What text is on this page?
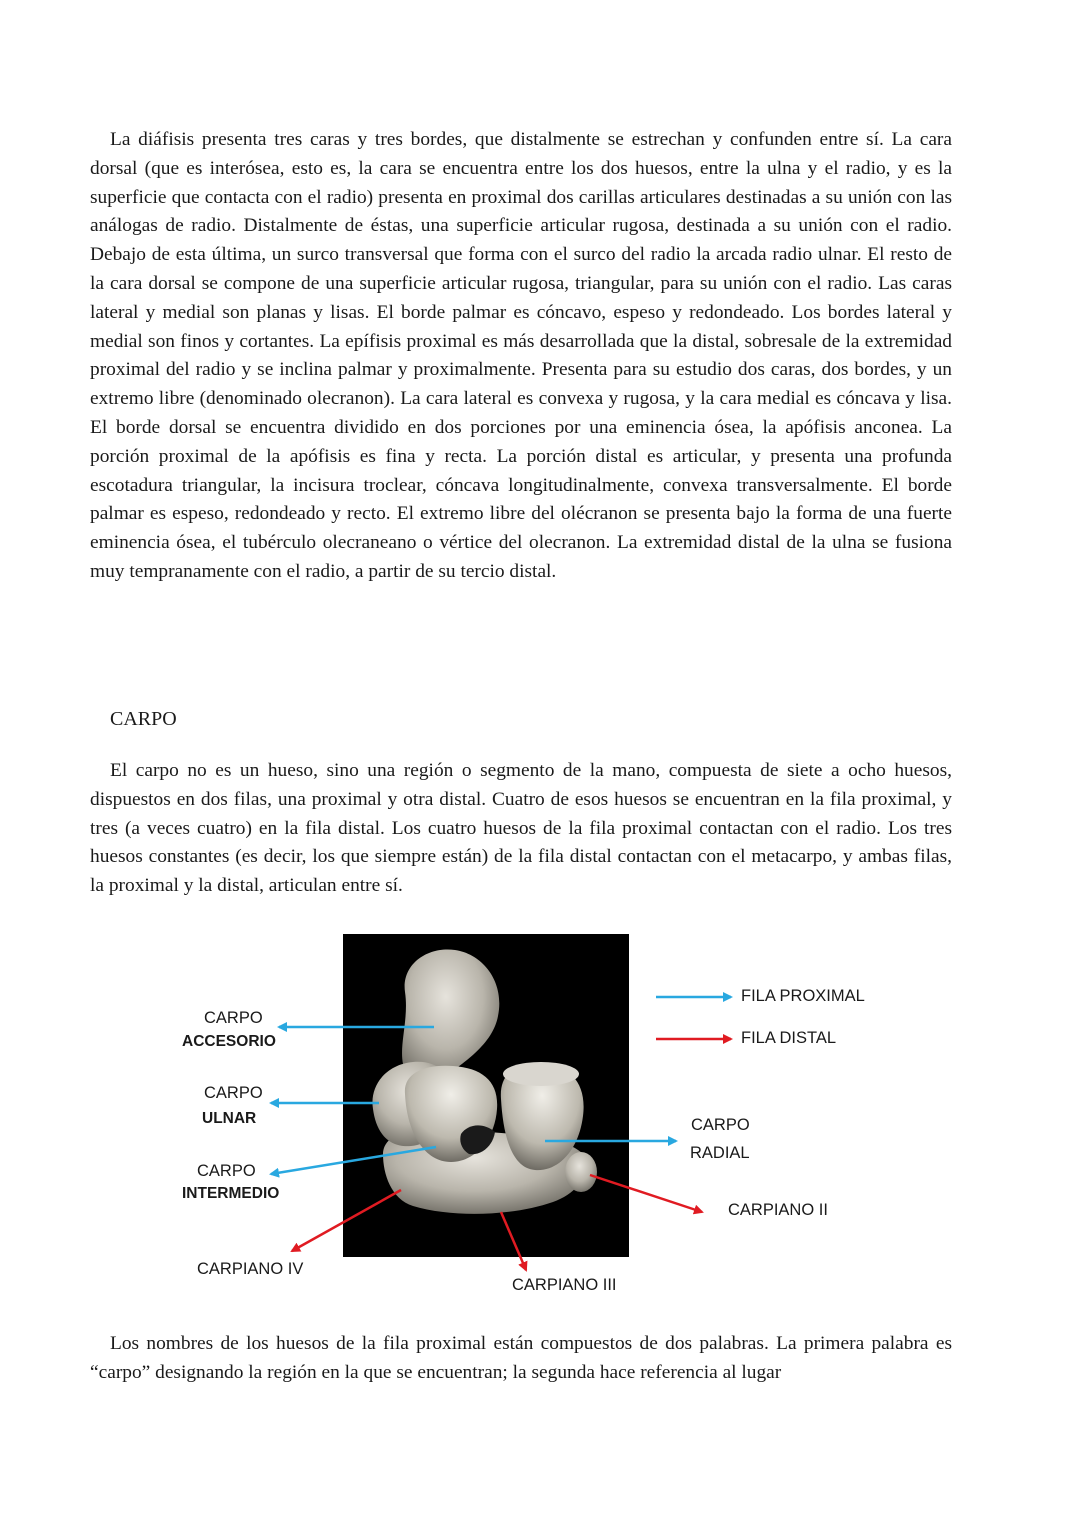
La diáfisis presenta tres caras y tres bordes, que distalmente se estrechan y confunden entre sí. La cara dorsal (que es interósea, esto es, la cara se encuentra entre los dos huesos, entre la ulna y el radio, y es la superficie que contacta con el radio) presenta en proximal dos carillas articulares destinadas a su unión con las análogas de radio. Distalmente de éstas, una superficie articular rugosa, destinada a su unión con el radio. Debajo de esta última, un surco transversal que forma con el surco del radio la arcada radio ulnar. El resto de la cara dorsal se compone de una superficie articular rugosa, triangular, para su unión con el radio. Las caras lateral y medial son planas y lisas. El borde palmar es cóncavo, espeso y redondeado. Los bordes lateral y medial son finos y cortantes. La epífisis proximal es más desarrollada que la distal, sobresale de la extremidad proximal del radio y se inclina palmar y proximalmente. Presenta para su estudio dos caras, dos bordes, y un extremo libre (denominado olecranon). La cara lateral es convexa y rugosa, y la cara medial es cóncava y lisa. El borde dorsal se encuentra dividido en dos porciones por una eminencia ósea, la apófisis anconea. La porción proximal de la apófisis es fina y recta. La porción distal es articular, y presenta una profunda escotadura triangular, la incisura troclear, cóncava longitudinalmente, convexa transversalmente. El borde palmar es espeso, redondeado y recto. El extremo libre del olécranon se presenta bajo la forma de una fuerte eminencia ósea, el tubérculo olecraneano o vértice del olecranon. La extremidad distal de la ulna se fusiona muy tempranamente con el radio, a partir de su tercio distal.

CARPO

El carpo no es un hueso, sino una región o segmento de la mano, compuesta de siete a ocho huesos, dispuestos en dos filas, una proximal y otra distal. Cuatro de esos huesos se encuentran en la fila proximal, y tres (a veces cuatro) en la fila distal. Los cuatro huesos de la fila proximal contactan con el radio. Los tres huesos constantes (es decir, los que siempre están) de la fila distal contactan con el metacarpo, y ambas filas, la proximal y la distal, articulan entre sí.

FILA PROXIMAL
FILA DISTAL
CARPO
ACCESORIO
CARPO
ULNAR
CARPO
INTERMEDIO
CARPO
RADIAL
CARPIANO IV
CARPIANO III
CARPIANO II

Los nombres de los huesos de la fila proximal están compuestos de dos palabras. La primera palabra es “carpo” designando la región en la que se encuentran; la segunda hace referencia al lugar
